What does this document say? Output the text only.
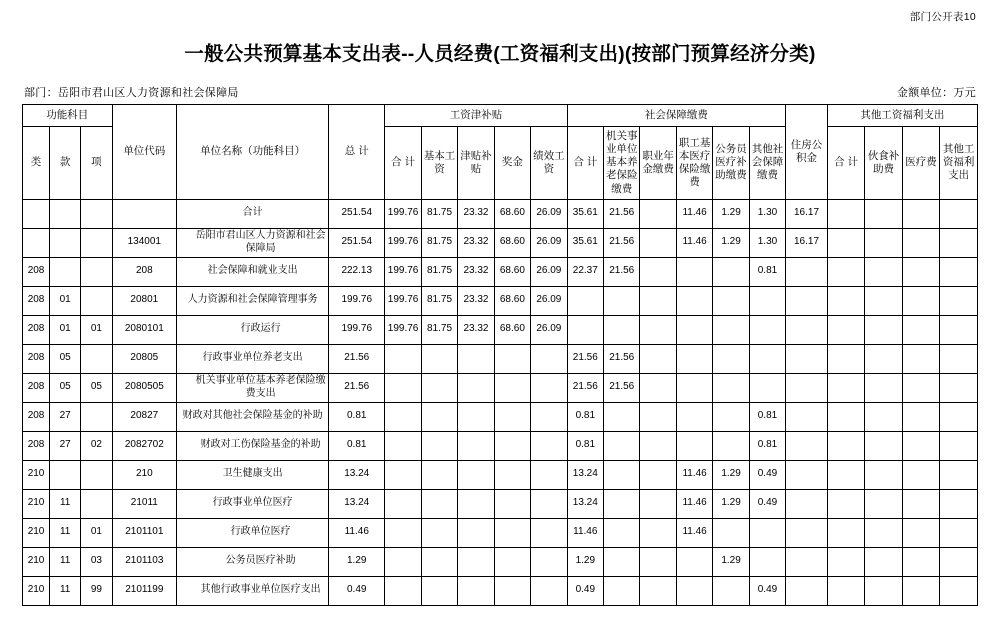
部门公开表10
一般公共预算基本支出表--人员经费(工资福利支出)(按部门预算经济分类)
部门：岳阳市君山区人力资源和社会保障局	金额单位：万元
功能科目			单位代码	单位名称（功能科目）	总 计	工资津补贴					社会保障缴费						住房公积金	其他工资福利支出			
类	款	项				合 计	基本工资	津贴补贴	奖金	绩效工资	合 计	机关事业单位基本养老保险缴费	职业年金缴费	职工基本医疗保险缴费	公务员医疗补助缴费	其他社会保障缴费		合 计	伙食补助费	医疗费	其他工资福利支出
				合计	251.54	199.76	81.75	23.32	68.60	26.09	35.61	21.56		11.46	1.29	1.30	16.17				
			134001	岳阳市君山区人力资源和社会保障局	251.54	199.76	81.75	23.32	68.60	26.09	35.61	21.56		11.46	1.29	1.30	16.17				
208			208	社会保障和就业支出	222.13	199.76	81.75	23.32	68.60	26.09	22.37	21.56				0.81					
208	01		20801	人力资源和社会保障管理事务	199.76	199.76	81.75	23.32	68.60	26.09											
208	01	01	2080101	行政运行	199.76	199.76	81.75	23.32	68.60	26.09											
208	05		20805	行政事业单位养老支出	21.56						21.56	21.56									
208	05	05	2080505	机关事业单位基本养老保险缴费支出	21.56						21.56	21.56									
208	27		20827	财政对其他社会保险基金的补助	0.81						0.81					0.81					
208	27	02	2082702	财政对工伤保险基金的补助	0.81						0.81					0.81					
210			210	卫生健康支出	13.24						13.24			11.46	1.29	0.49					
210	11		21011	行政事业单位医疗	13.24						13.24			11.46	1.29	0.49					
210	11	01	2101101	行政单位医疗	11.46						11.46			11.46							
210	11	03	2101103	公务员医疗补助	1.29						1.29				1.29						
210	11	99	2101199	其他行政事业单位医疗支出	0.49						0.49					0.49					
